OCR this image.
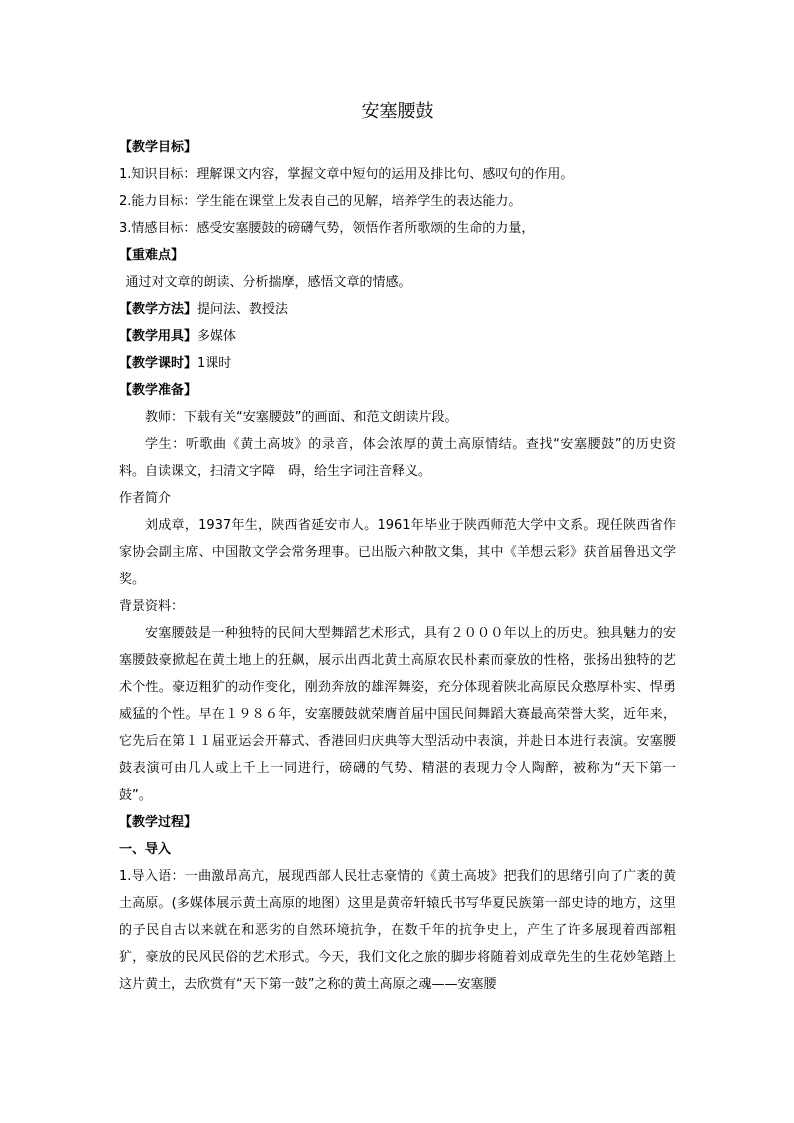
安塞腰鼓

【教学目标】

1.知识目标：理解课文内容，掌握文章中短句的运用及排比句、感叹句的作用。

2.能力目标：学生能在课堂上发表自己的见解，培养学生的表达能力。

3.情感目标：感受安塞腰鼓的磅礴气势，领悟作者所歌颂的生命的力量，

【重难点】

通过对文章的朗读、分析揣摩，感悟文章的情感。

【教学方法】提问法、教授法

【教学用具】多媒体

【教学课时】1课时

【教学准备】

教师：下载有关“安塞腰鼓”的画面、和范文朗读片段。

学生：听歌曲《黄土高坡》的录音，体会浓厚的黄土高原情结。查找“安塞腰鼓”的历史资料。自读课文，扫清文字障　碍，给生字词注音释义。

作者简介

刘成章，1937年生，陕西省延安市人。1961年毕业于陕西师范大学中文系。现任陕西省作家协会副主席、中国散文学会常务理事。已出版六种散文集，其中《羊想云彩》获首届鲁迅文学奖。

背景资料：

安塞腰鼓是一种独特的民间大型舞蹈艺术形式，具有２０００年以上的历史。独具魅力的安塞腰鼓豪掀起在黄土地上的狂飙，展示出西北黄土高原农民朴素而豪放的性格，张扬出独特的艺术个性。豪迈粗犷的动作变化，刚劲奔放的雄浑舞姿，充分体现着陕北高原民众憨厚朴实、悍勇威猛的个性。早在１９８６年，安塞腰鼓就荣膺首届中国民间舞蹈大赛最高荣誉大奖，近年来，它先后在第１１届亚运会开幕式、香港回归庆典等大型活动中表演，并赴日本进行表演。安塞腰鼓表演可由几人或上千上一同进行，磅礴的气势、精湛的表现力令人陶醉，被称为“天下第一鼓”。

【教学过程】

一、导入

1.导入语：一曲激昂高亢，展现西部人民壮志豪情的《黄土高坡》把我们的思绪引向了广袤的黄土高原。(多媒体展示黄土高原的地图）这里是黄帝轩辕氏书写华夏民族第一部史诗的地方，这里的子民自古以来就在和恶劣的自然环境抗争，在数千年的抗争史上，产生了许多展现着西部粗犷，豪放的民风民俗的艺术形式。今天，我们文化之旅的脚步将随着刘成章先生的生花妙笔踏上这片黄土，去欣赏有“天下第一鼓”之称的黄土高原之魂——安塞腰
